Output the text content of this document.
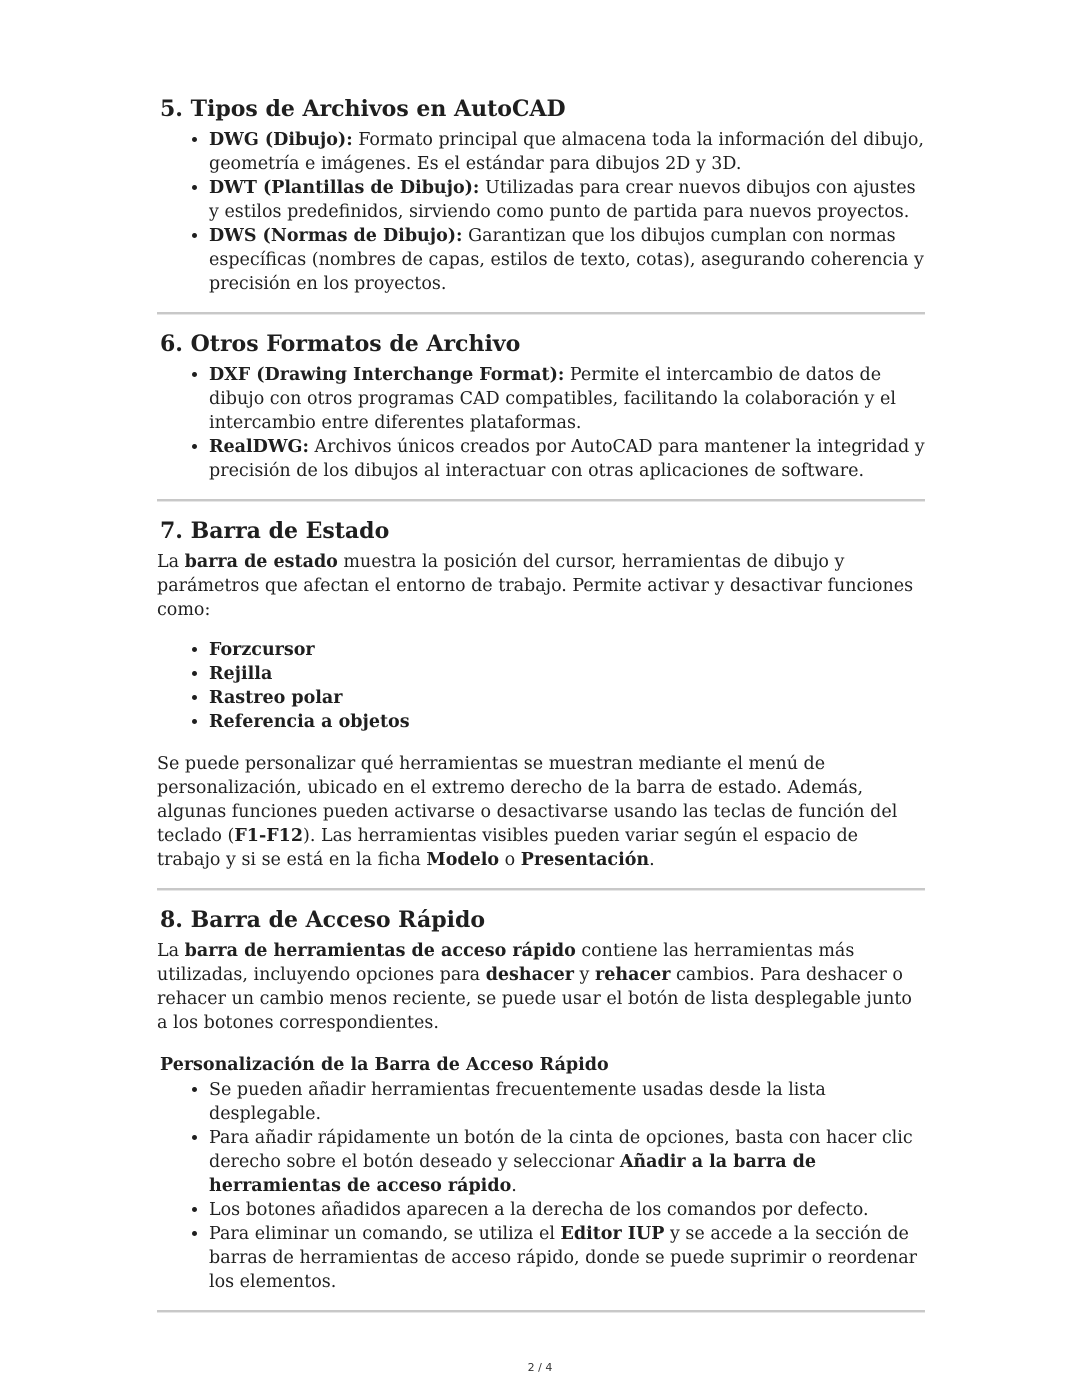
5. Tipos de Archivos en AutoCAD
• DWG (Dibujo): Formato principal que almacena toda la información del dibujo, geometría e imágenes. Es el estándar para dibujos 2D y 3D.
• DWT (Plantillas de Dibujo): Utilizadas para crear nuevos dibujos con ajustes y estilos predefinidos, sirviendo como punto de partida para nuevos proyectos.
• DWS (Normas de Dibujo): Garantizan que los dibujos cumplan con normas específicas (nombres de capas, estilos de texto, cotas), asegurando coherencia y precisión en los proyectos.
6. Otros Formatos de Archivo
• DXF (Drawing Interchange Format): Permite el intercambio de datos de dibujo con otros programas CAD compatibles, facilitando la colaboración y el intercambio entre diferentes plataformas.
• RealDWG: Archivos únicos creados por AutoCAD para mantener la integridad y precisión de los dibujos al interactuar con otras aplicaciones de software.
7. Barra de Estado

La barra de estado muestra la posición del cursor, herramientas de dibujo y parámetros que afectan el entorno de trabajo. Permite activar y desactivar funciones como:

• Forzcursor
• Rejilla
• Rastreo polar
• Referencia a objetos

Se puede personalizar qué herramientas se muestran mediante el menú de personalización, ubicado en el extremo derecho de la barra de estado. Además, algunas funciones pueden activarse o desactivarse usando las teclas de función del teclado (F1-F12). Las herramientas visibles pueden variar según el espacio de trabajo y si se está en la ficha Modelo o Presentación.

8. Barra de Acceso Rápido

La barra de herramientas de acceso rápido contiene las herramientas más utilizadas, incluyendo opciones para deshacer y rehacer cambios. Para deshacer o rehacer un cambio menos reciente, se puede usar el botón de lista desplegable junto a los botones correspondientes.

Personalización de la Barra de Acceso Rápido
• Se pueden añadir herramientas frecuentemente usadas desde la lista desplegable.
• Para añadir rápidamente un botón de la cinta de opciones, basta con hacer clic derecho sobre el botón deseado y seleccionar Añadir a la barra de herramientas de acceso rápido.
• Los botones añadidos aparecen a la derecha de los comandos por defecto.
• Para eliminar un comando, se utiliza el Editor IUP y se accede a la sección de barras de herramientas de acceso rápido, donde se puede suprimir o reordenar los elementos.
2 / 4
